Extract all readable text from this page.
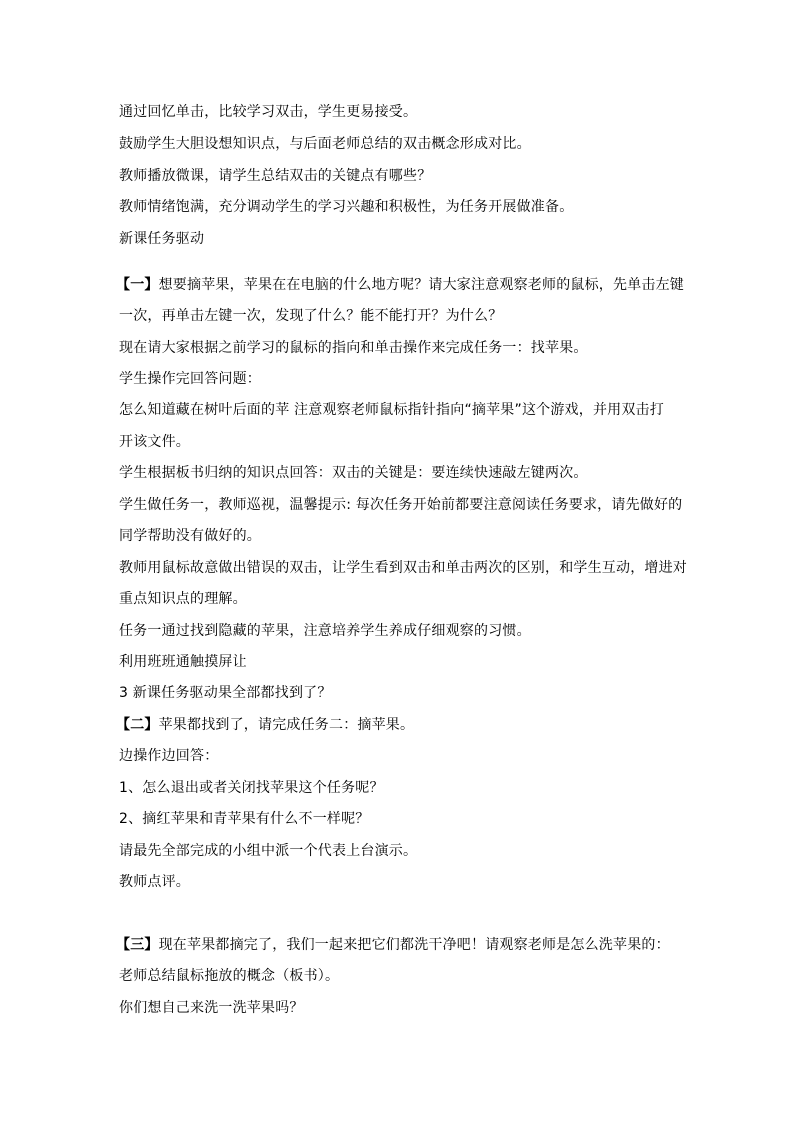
通过回忆单击，比较学习双击，学生更易接受。
鼓励学生大胆设想知识点，与后面老师总结的双击概念形成对比。
教师播放微课，请学生总结双击的关键点有哪些？
教师情绪饱满，充分调动学生的学习兴趣和积极性，为任务开展做准备。
新课任务驱动
【一】想要摘苹果，苹果在在电脑的什么地方呢？请大家注意观察老师的鼠标，先单击左键
一次，再单击左键一次，发现了什么？能不能打开？为什么？
现在请大家根据之前学习的鼠标的指向和单击操作来完成任务一：找苹果。
学生操作完回答问题：
怎么知道藏在树叶后面的苹 注意观察老师鼠标指针指向“摘苹果”这个游戏，并用双击打
开该文件。
学生根据板书归纳的知识点回答：双击的关键是：要连续快速敲左键两次。
学生做任务一，教师巡视，温馨提示: 每次任务开始前都要注意阅读任务要求，请先做好的
同学帮助没有做好的。
教师用鼠标故意做出错误的双击，让学生看到双击和单击两次的区别，和学生互动，增进对
重点知识点的理解。
任务一通过找到隐藏的苹果，注意培养学生养成仔细观察的习惯。
利用班班通触摸屏让
3 新课任务驱动果全部都找到了？
【二】苹果都找到了，请完成任务二：摘苹果。
边操作边回答：
1、怎么退出或者关闭找苹果这个任务呢？
2、摘红苹果和青苹果有什么不一样呢？
请最先全部完成的小组中派一个代表上台演示。
教师点评。
【三】现在苹果都摘完了，我们一起来把它们都洗干净吧！请观察老师是怎么洗苹果的：
老师总结鼠标拖放的概念（板书）。
你们想自己来洗一洗苹果吗？
